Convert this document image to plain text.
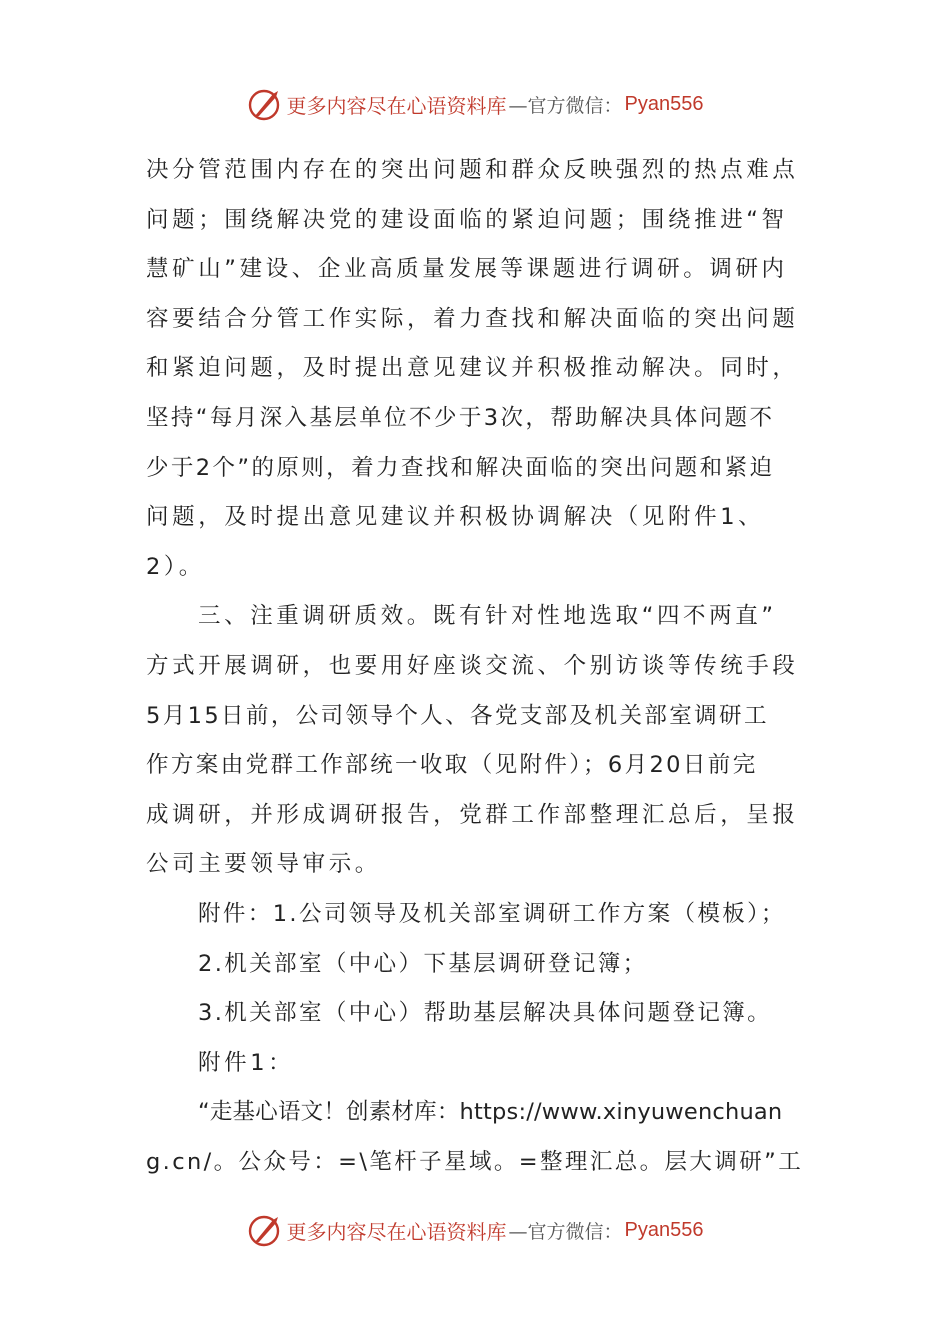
更多内容尽在心语资料库 —官方微信： Pyan556
决分管范围内存在的突出问题和群众反映强烈的热点难点
问题；围绕解决党的建设面临的紧迫问题；围绕推进“智
慧矿山”建设、企业高质量发展等课题进行调研。调研内
容要结合分管工作实际，着力查找和解决面临的突出问题
和紧迫问题，及时提出意见建议并积极推动解决。同时，
坚持“每月深入基层单位不少于3次，帮助解决具体问题不
少于2个”的原则，着力查找和解决面临的突出问题和紧迫
问题，及时提出意见建议并积极协调解决（见附件1、
2）。
三、注重调研质效。既有针对性地选取“四不两直”
方式开展调研，也要用好座谈交流、个别访谈等传统手段
5月15日前，公司领导个人、各党支部及机关部室调研工
作方案由党群工作部统一收取（见附件）；6月20日前完
成调研，并形成调研报告，党群工作部整理汇总后，呈报
公司主要领导审示。
附件：1.公司领导及机关部室调研工作方案（模板）；
2.机关部室（中心）下基层调研登记簿；
3.机关部室（中心）帮助基层解决具体问题登记簿。
附件1：
“走基心语文！创素材库：https://www.xinyuwenchuan
g.cn/。公众号：=\笔杆子星域。=整理汇总。层大调研”工
更多内容尽在心语资料库 —官方微信： Pyan556
